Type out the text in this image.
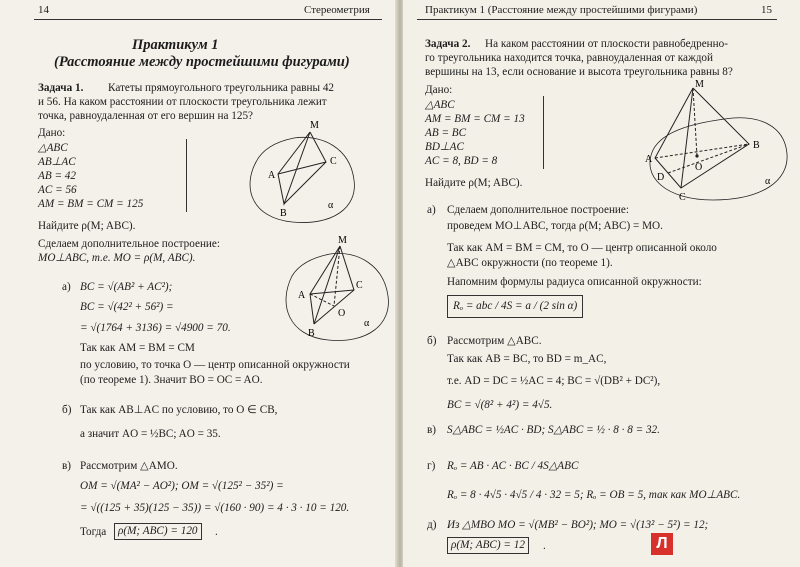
14	Стереометрия
Практикум 1
(Расстояние между простейшими фигурами)
Задача 1. Катеты прямоугольного треугольника равны 42
и 56. На каком расстоянии от плоскости треугольника лежит
точка, равноудаленная от его вершин на 125?
Дано:
△ABC
AB⊥AC
AB = 42
AC = 56
AM = BM = CM = 125
Найдите ρ(M; ABC).
Сделаем дополнительное построение:
MO⊥ABC, т.е. MO = ρ(M, ABC).
а) BC = √(AB² + AC²);
BC = √(42² + 56²) =
= √(1764 + 3136) = √4900 = 70.
Так как AM = BM = CM
по условию, то точка O — центр описанной окружности
(по теореме 1). Значит BO = OC = AO.
б) Так как AB⊥AC по условию, то O ∈ CB,
а значит AO = ½BC; AO = 35.
в) Рассмотрим △AMO.
OM = √(MA² − AO²); OM = √(125² − 35²) =
= √((125 + 35)(125 − 35)) = √(160 · 90) = 4 · 3 · 10 = 120.
Тогда	ρ(M; ABC) = 120	.
M
A
B
C
α
M
A
B
C
O
α
Практикум 1 (Расстояние между простейшими фигурами)	15
Задача 2. На каком расстоянии от плоскости равнобедренно-
го треугольника находится точка, равноудаленная от каждой
вершины на 13, если основание и высота треугольника равны 8?
Дано:
△ABC
AM = BM = CM = 13
AB = BC
BD⊥AC
AC = 8, BD = 8
Найдите ρ(M; ABC).
а) Сделаем дополнительное построение:
проведем MO⊥ABC, тогда ρ(M; ABC) = MO.
Так как AM = BM = CM, то O — центр описанной около
△ABC окружности (по теореме 1).
Напомним формулы радиуса описанной окружности:
Rₒ = abc / 4S = a / (2 sin α)
б) Рассмотрим △ABC.
Так как AB = BC, то BD = m_AC,
т.е. AD = DC = ½AC = 4; BC = √(DB² + DC²),
BC = √(8² + 4²) = 4√5.
в) S△ABC = ½AC · BD; S△ABC = ½ · 8 · 8 = 32.
г) Rₒ = AB · AC · BC / 4S△ABC
Rₒ = 8 · 4√5 · 4√5 / 4 · 32 = 5; Rₒ = OB = 5, так как MO⊥ABC.
д) Из △MBO MO = √(MB² − BO²); MO = √(13² − 5²) = 12;
ρ(M; ABC) = 12	.
M
A
B
C
D
O
α
Л
